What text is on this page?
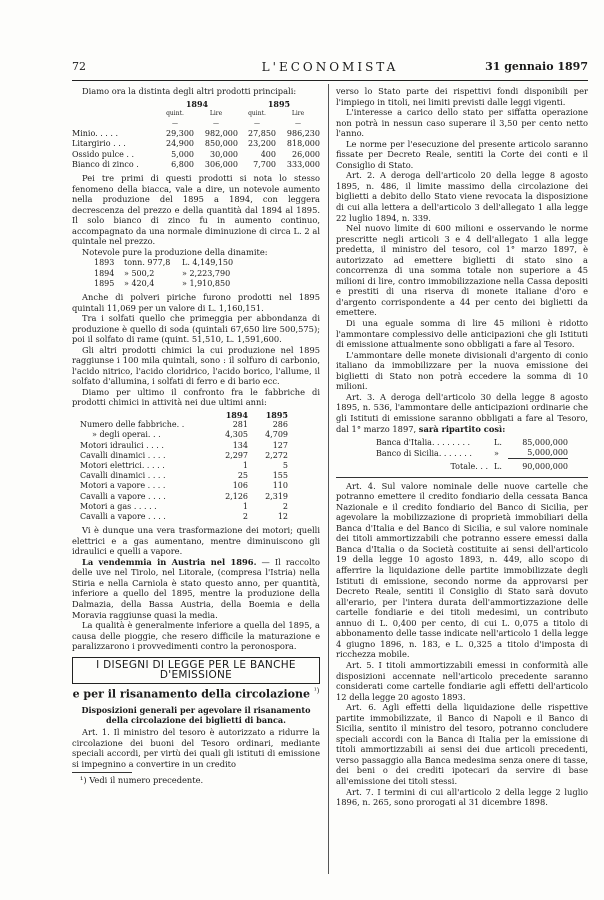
L'ECONOMISTA
72	31 gennaio 1897

Diamo ora la distinta degli altri prodotti principali:

	1894		1895	
	quint.	Lire	quint.	Lire
	—	—	—	—
Minio. . . . .	29,300	982,000	27,850	986,230
Litargirio . . .	24,900	850,000	23,200	818,000
Ossido pulce . .	5,000	30,000	400	26,000
Bianco di zinco .	6,800	306,000	7,700	333,000

Pei tre primi di questi prodotti si nota lo stesso fenomeno della biacca, vale a dire, un notevole aumento nella produzione del 1895 a 1894, con leggera decrescenza del prezzo e della quantità dal 1894 al 1895. Il solo bianco di zinco fu in aumento continuo, accompagnato da una normale diminuzione di circa L. 2 al quintale nel prezzo.

Notevole pure la produzione della dinamite:

1893	tonn. 977,8	L. 4,149,150
1894	» 500,2	» 2,223,790
1895	» 420,4	» 1,910,850

Anche di polveri piriche furono prodotti nel 1895 quintali 11,069 per un valore di L. 1,160,151.

Tra i solfati quello che primeggia per abbondanza di produzione è quello di soda (quintali 67,650 lire 500,575); poi il solfato di rame (quint. 51,510, L. 1,591,600.

Gli altri prodotti chimici la cui produzione nel 1895 raggiunse i 100 mila quintali, sono : il solfuro di carbonio, l'acido nitrico, l'acido cloridrico, l'acido borico, l'allume, il solfato d'allumina, i solfati di ferro e di bario ecc.

Diamo per ultimo il confronto fra le fabbriche di prodotti chimici in attività nei due ultimi anni:

	1894	1895
Numero delle fabbriche. .	281	286
» degli operai. . .	4,305	4,709
Motori idraulici . . . .	134	127
Cavalli dinamici . . . .	2,297	2,272
Motori elettrici. . . . .	1	5
Cavalli dinamici . . . .	25	155
Motori a vapore . . . .	106	110
Cavalli a vapore . . . .	2,126	2,319
Motori a gas . . . . .	1	2
Cavalli a vapore . . . .	2	12

Vi è dunque una vera trasformazione dei motori; quelli elettrici e a gas aumentano, mentre diminuiscono gli idraulici e quelli a vapore.

La vendemmia in Austria nel 1896. — Il raccolto delle uve nel Tirolo, nel Litorale, (compresa l'Istria) nella Stiria e nella Carniola è stato questo anno, per quantità, inferiore a quello del 1895, mentre la produzione della Dalmazia, della Bassa Austria, della Boemia e della Moravia raggiunse quasi la media.

La qualità è generalmente inferiore a quella del 1895, a causa delle pioggie, che resero difficile la maturazione e paralizzarono i provvedimenti contro la peronospora.

I DISEGNI DI LEGGE PER LE BANCHE D'EMISSIONE
e per il risanamento della circolazione $^{^1)}$
Disposizioni generali per agevolare il risanamento
della circolazione dei biglietti di banca.

Art. 1. Il ministro del tesoro è autorizzato a ridurre la circolazione dei buoni del Tesoro ordinari, mediante speciali accordi, per virtù dei quali gli istituti di emissione si impegnino a convertire in un credito

¹) Vedi il numero precedente.

verso lo Stato parte dei rispettivi fondi disponibili per l'impiego in titoli, nei limiti previsti dalle leggi vigenti.

L'interesse a carico dello stato per siffatta operazione non potrà in nessun caso superare il 3,50 per cento netto l'anno.

Le norme per l'esecuzione del presente articolo saranno fissate per Decreto Reale, sentiti la Corte dei conti e il Consiglio di Stato.

Art. 2. A deroga dell'articolo 20 della legge 8 agosto 1895, n. 486, il limite massimo della circolazione dei biglietti a debito dello Stato viene revocata la disposizione di cui alla lettera a dell'articolo 3 dell'allegato 1 alla legge 22 luglio 1894, n. 339.

Nel nuovo limite di 600 milioni e osservando le norme prescritte negli articoli 3 e 4 dell'allegato 1 alla legge predetta, il ministro del tesoro, col 1° marzo 1897, è autorizzato ad emettere biglietti di stato sino a concorrenza di una somma totale non superiore a 45 milioni di lire, contro immobilizzazione nella Cassa depositi e prestiti di una riserva di monete italiane d'oro e d'argento corrispondente a 44 per cento dei biglietti da emettere.

Di una eguale somma di lire 45 milioni è ridotto l'ammontare complessivo delle anticipazioni che gli Istituti di emissione attualmente sono obbligati a fare al Tesoro.

L'ammontare delle monete divisionali d'argento di conio italiano da immobilizzare per la nuova emissione dei biglietti di Stato non potrà eccedere la somma di 10 milioni.

Art. 3. A deroga dell'articolo 30 della legge 8 agosto 1895, n. 536, l'ammontare delle anticipazioni ordinarie che gli Istituti di emissione saranno obbligati a fare al Tesoro, dal 1° marzo 1897, sarà ripartito così:

Banca d'Italia. . . . . . . .	L.	85,000,000
Banco di Sicilia. . . . . . .	»	5,000,000

Totale. . .	L.	90,000,000

Art. 4. Sul valore nominale delle nuove cartelle che potranno emettere il credito fondiario della cessata Banca Nazionale e il credito fondiario del Banco di Sicilia, per agevolare la mobilizzazione di proprietà immobiliari della Banca d'Italia e del Banco di Sicilia, e sul valore nominale dei titoli ammortizzabili che potranno essere emessi dalla Banca d'Italia o da Società costituite ai sensi dell'articolo 19 della legge 10 agosto 1893, n. 449, allo scopo di afferrire la liquidazione delle partite immobilizzate degli Istituti di emissione, secondo norme da approvarsi per Decreto Reale, sentiti il Consiglio di Stato sarà dovuto all'erario, per l'intera durata dell'ammortizzazione delle cartelle fondiarie e dei titoli medesimi, un contributo annuo di L. 0,400 per cento, di cui L. 0,075 a titolo di abbonamento delle tasse indicate nell'articolo 1 della legge 4 giugno 1896, n. 183, e L. 0,325 a titolo d'imposta di ricchezza mobile.

Art. 5. I titoli ammortizzabili emessi in conformità alle disposizioni accennate nell'articolo precedente saranno considerati come cartelle fondiarie agli effetti dell'articolo 12 della legge 20 agosto 1893.

Art. 6. Agli effetti della liquidazione delle rispettive partite immobilizzate, il Banco di Napoli e il Banco di Sicilia, sentito il ministro del tesoro, potranno concludere speciali accordi con la Banca di Italia per la emissione di titoli ammortizzabili ai sensi dei due articoli precedenti, verso passaggio alla Banca medesima senza onere di tasse, dei beni o dei crediti ipotecari da servire di base all'emissione dei titoli stessi.

Art. 7. I termini di cui all'articolo 2 della legge 2 luglio 1896, n. 265, sono prorogati al 31 dicembre 1898.
